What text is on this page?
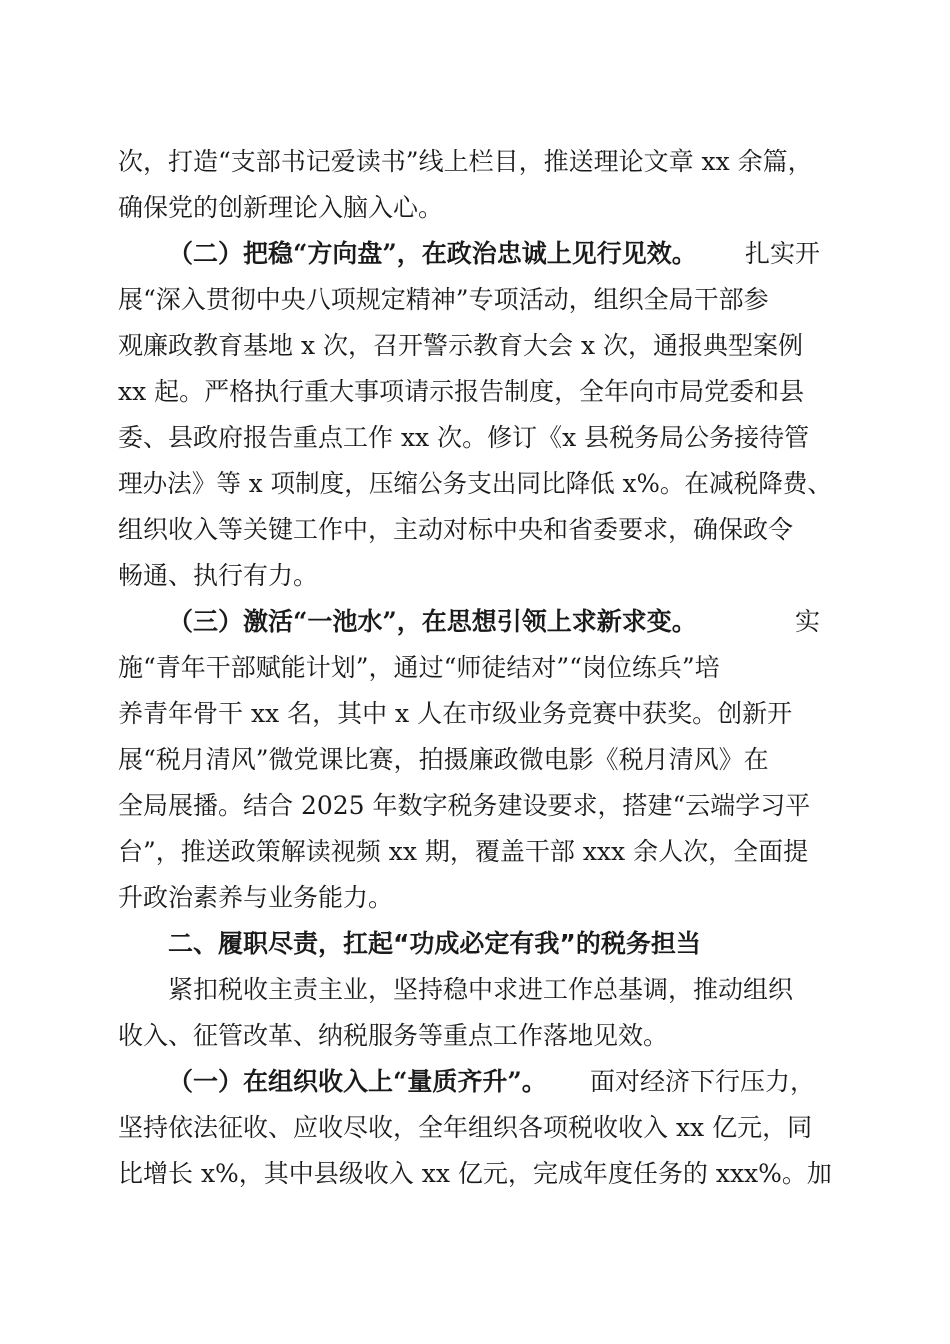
次，打造“支部书记爱读书”线上栏目，推送理论文章 xx 余篇，
确保党的创新理论入脑入心。
（二）把稳“方向盘”，在政治忠诚上见行见效。 扎实开
展“深入贯彻中央八项规定精神”专项活动，组织全局干部参
观廉政教育基地 x 次，召开警示教育大会 x 次，通报典型案例
xx 起。严格执行重大事项请示报告制度，全年向市局党委和县
委、县政府报告重点工作 xx 次。修订《x 县税务局公务接待管
理办法》等 x 项制度，压缩公务支出同比降低 x%。在减税降费、
组织收入等关键工作中，主动对标中央和省委要求，确保政令
畅通、执行有力。
（三）激活“一池水”，在思想引领上求新求变。	实
施“青年干部赋能计划”，通过“师徒结对”“岗位练兵”培
养青年骨干 xx 名，其中 x 人在市级业务竞赛中获奖。创新开
展“税月清风”微党课比赛，拍摄廉政微电影《税月清风》在
全局展播。结合 2025 年数字税务建设要求，搭建“云端学习平
台”，推送政策解读视频 xx 期，覆盖干部 xxx 余人次，全面提
升政治素养与业务能力。
二、履职尽责，扛起“功成必定有我”的税务担当
紧扣税收主责主业，坚持稳中求进工作总基调，推动组织
收入、征管改革、纳税服务等重点工作落地见效。
（一）在组织收入上“量质齐升”。 面对经济下行压力，
坚持依法征收、应收尽收，全年组织各项税收收入 xx 亿元，同
比增长 x%，其中县级收入 xx 亿元，完成年度任务的 xxx%。加
